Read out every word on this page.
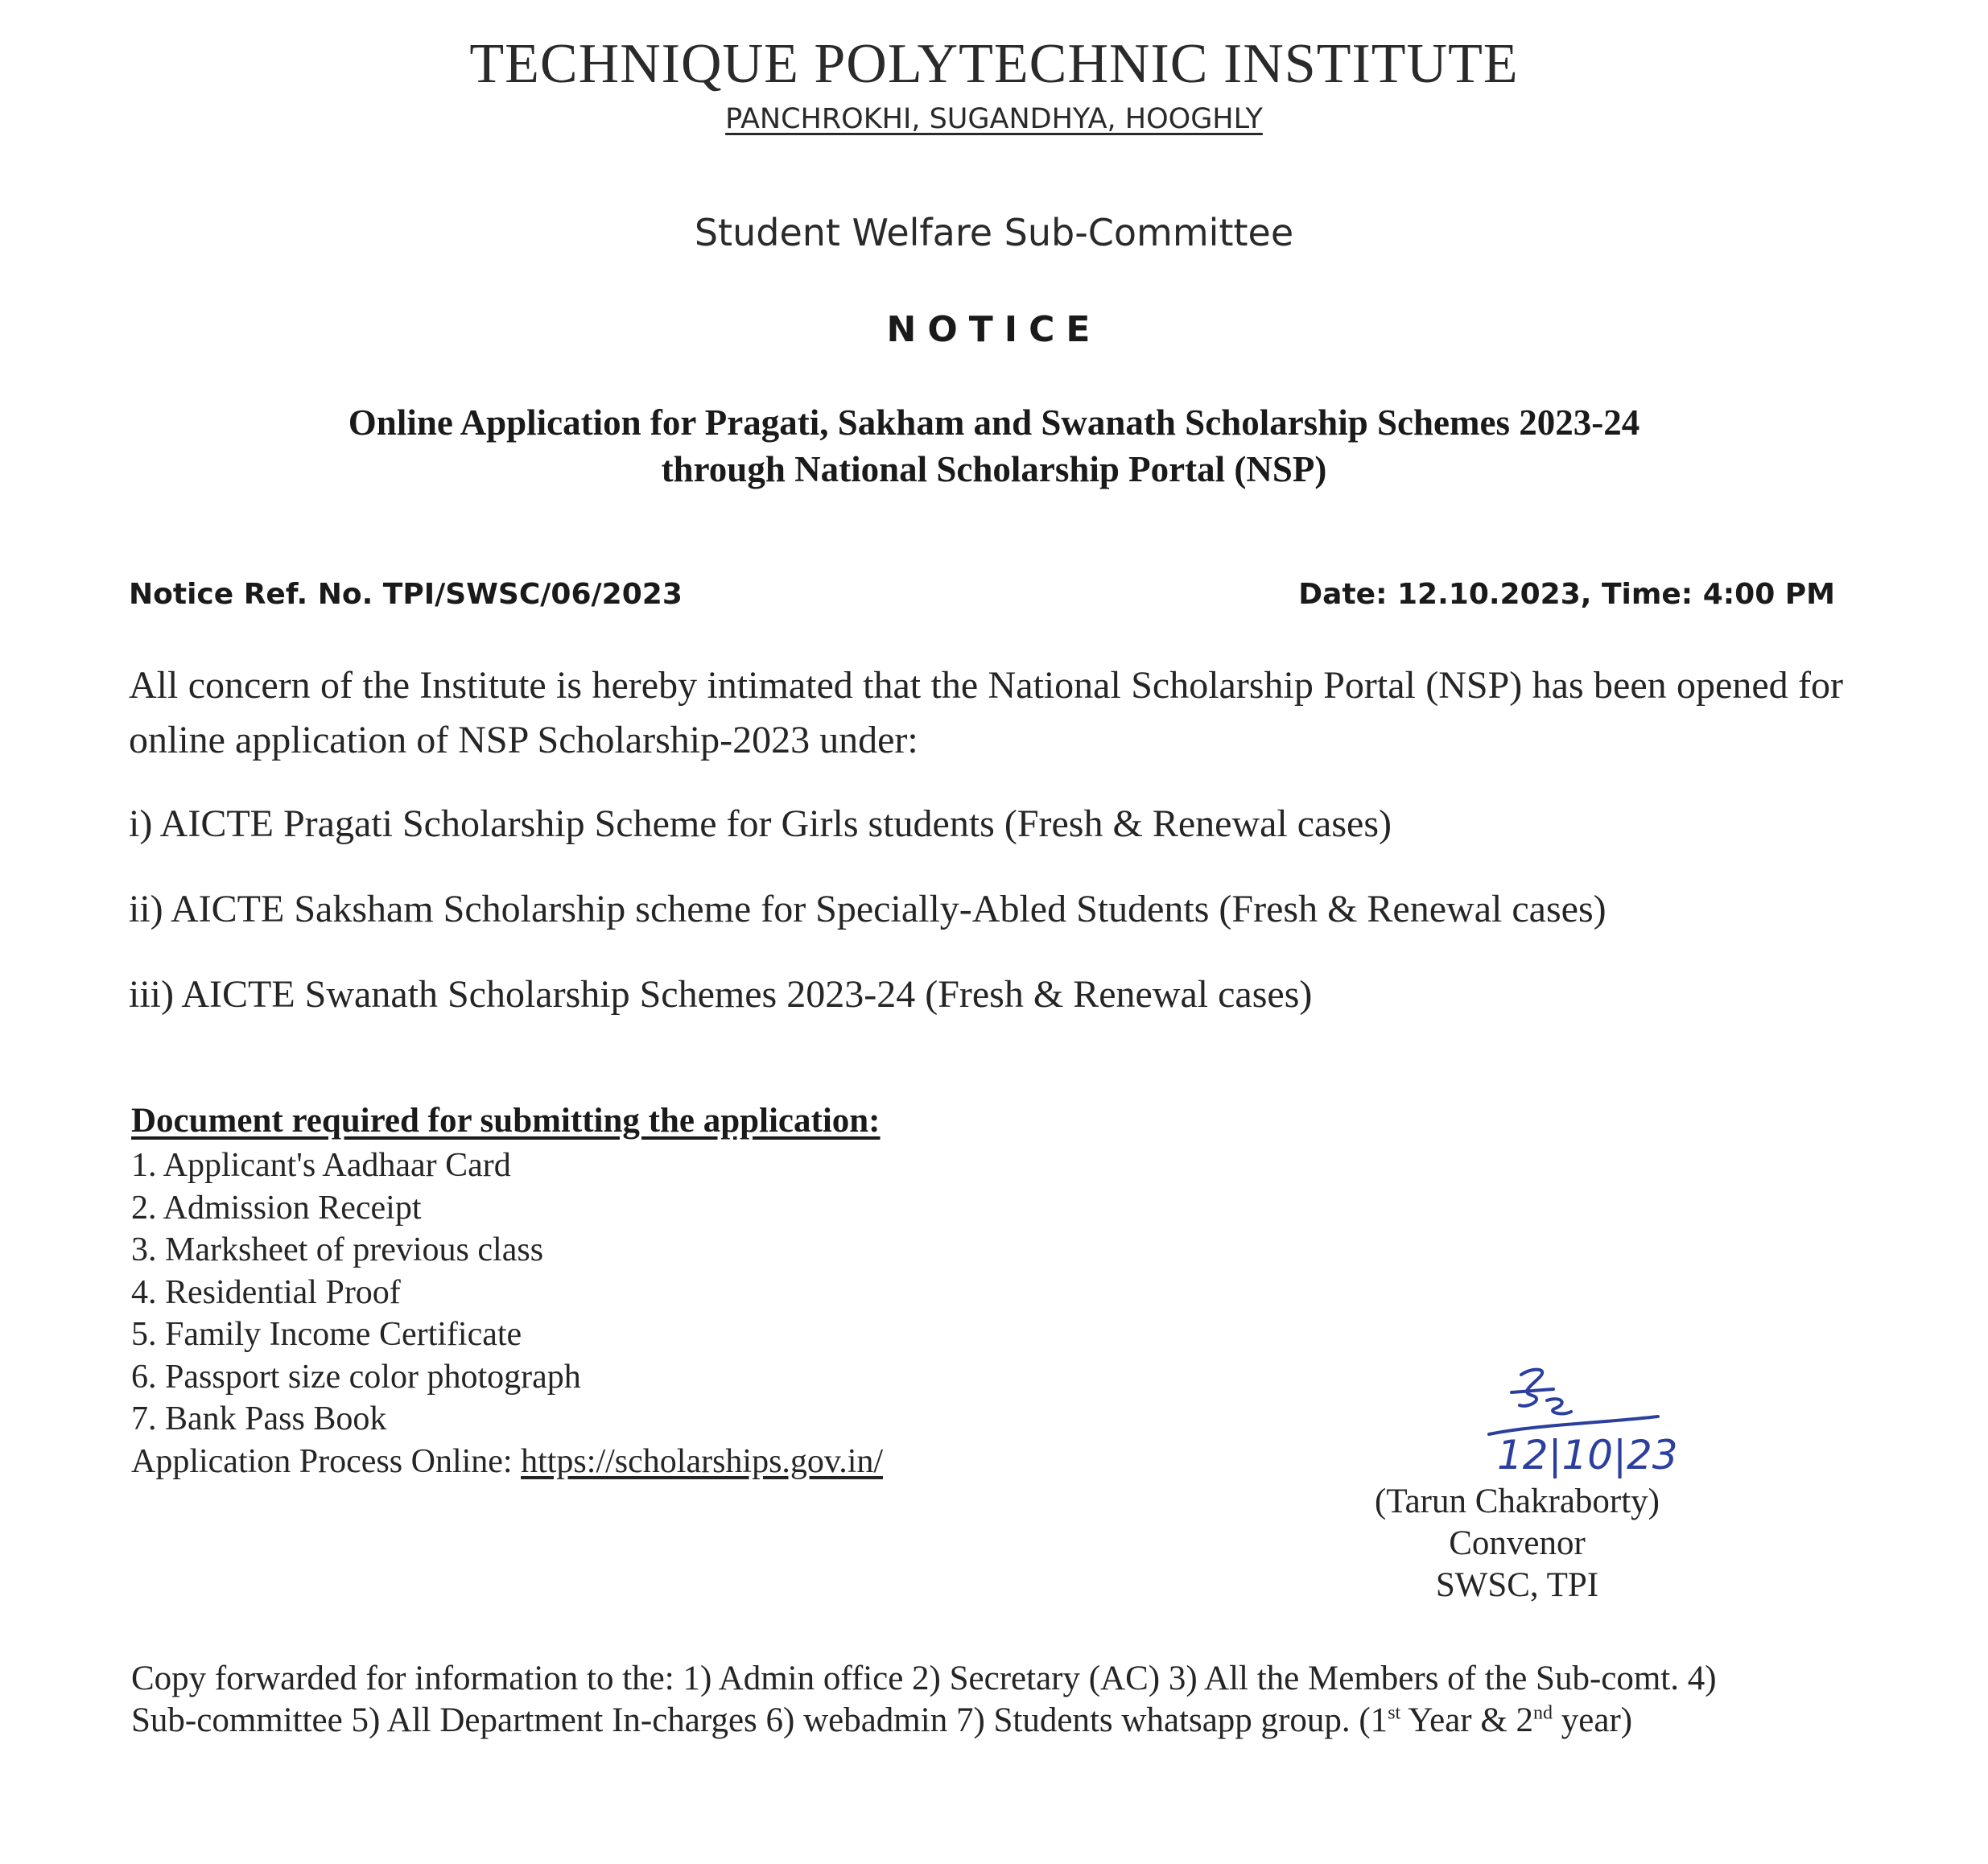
TECHNIQUE POLYTECHNIC INSTITUTE
PANCHROKHI, SUGANDHYA, HOOGHLY
Student Welfare Sub-Committee
NOTICE
Online Application for Pragati, Sakham and Swanath Scholarship Schemes 2023-24
through National Scholarship Portal (NSP)
Notice Ref. No. TPI/SWSC/06/2023	Date: 12.10.2023, Time: 4:00 PM
All concern of the Institute is hereby intimated that the National Scholarship Portal (NSP) has been opened for online application of NSP Scholarship-2023 under:
i) AICTE Pragati Scholarship Scheme for Girls students (Fresh & Renewal cases)
ii) AICTE Saksham Scholarship scheme for Specially-Abled Students (Fresh & Renewal cases)
iii) AICTE Swanath Scholarship Schemes 2023-24 (Fresh & Renewal cases)
Document required for submitting the application:
1. Applicant's Aadhaar Card
2. Admission Receipt
3. Marksheet of previous class
4. Residential Proof
5. Family Income Certificate
6. Passport size color photograph
7. Bank Pass Book
Application Process Online: https://scholarships.gov.in/	12|10|23
(Tarun Chakraborty)
Convenor
SWSC, TPI
Copy forwarded for information to the: 1) Admin office 2) Secretary (AC) 3) All the Members of the Sub-comt. 4)
Sub-committee 5) All Department In-charges 6) webadmin 7) Students whatsapp group. (1st Year & 2nd year)
